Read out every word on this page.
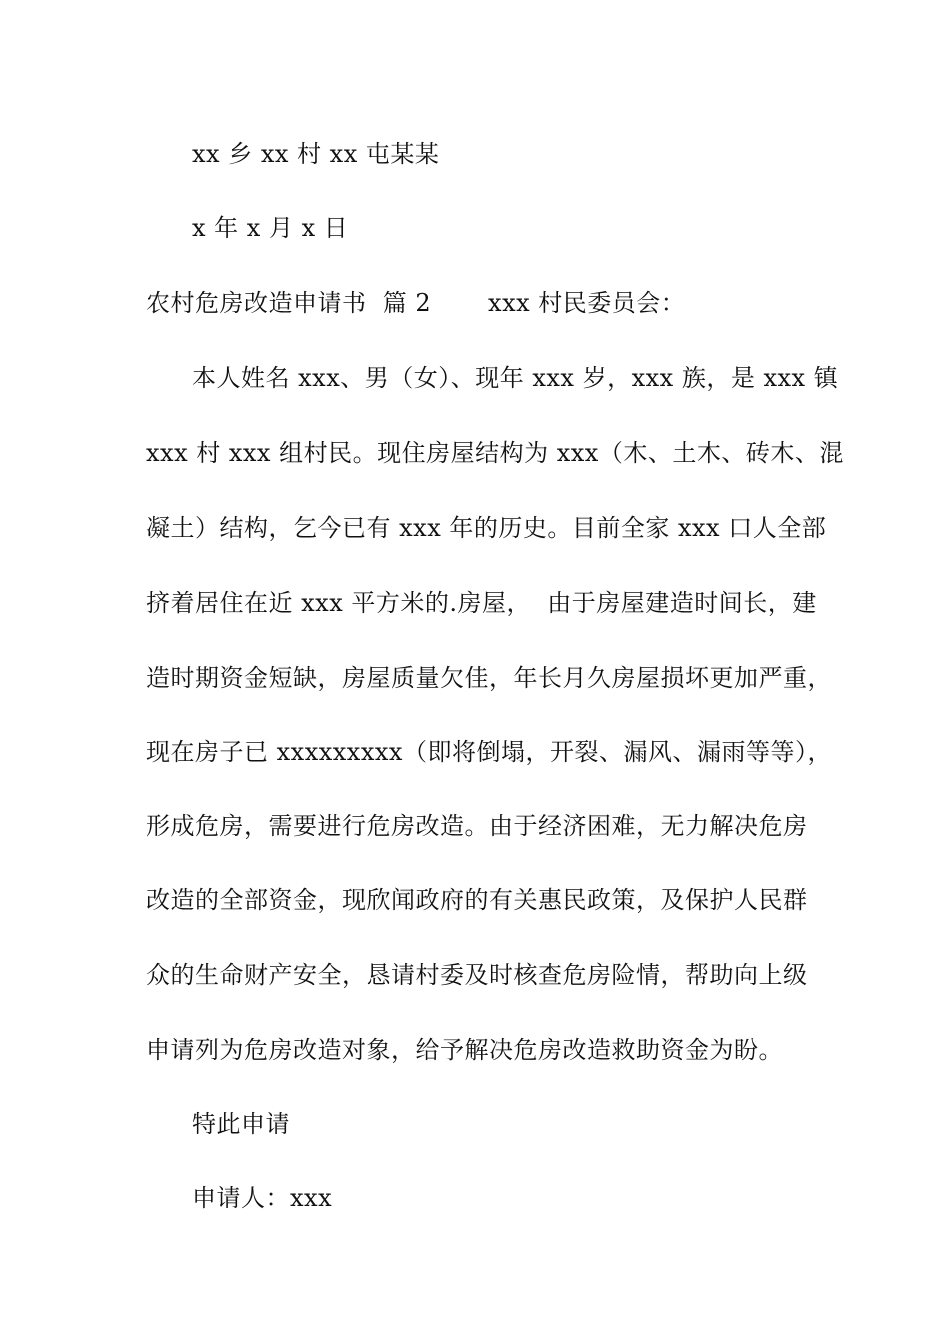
xx 乡 xx 村 xx 屯某某
x 年 x 月 x 日
农村危房改造申请书  篇 2       xxx 村民委员会：
本人姓名 xxx、男（女）、现年 xxx 岁，xxx 族，是 xxx 镇
xxx 村 xxx 组村民。现住房屋结构为 xxx（木、土木、砖木、混
凝土）结构，乞今已有 xxx 年的历史。目前全家 xxx 口人全部
挤着居住在近 xxx 平方米的.房屋，  由于房屋建造时间长，建
造时期资金短缺，房屋质量欠佳，年长月久房屋损坏更加严重，
现在房子已 xxxxxxxxx（即将倒塌，开裂、漏风、漏雨等等），
形成危房，需要进行危房改造。由于经济困难，无力解决危房
改造的全部资金，现欣闻政府的有关惠民政策，及保护人民群
众的生命财产安全，恳请村委及时核查危房险情，帮助向上级
申请列为危房改造对象，给予解决危房改造救助资金为盼。
特此申请
申请人：xxx
